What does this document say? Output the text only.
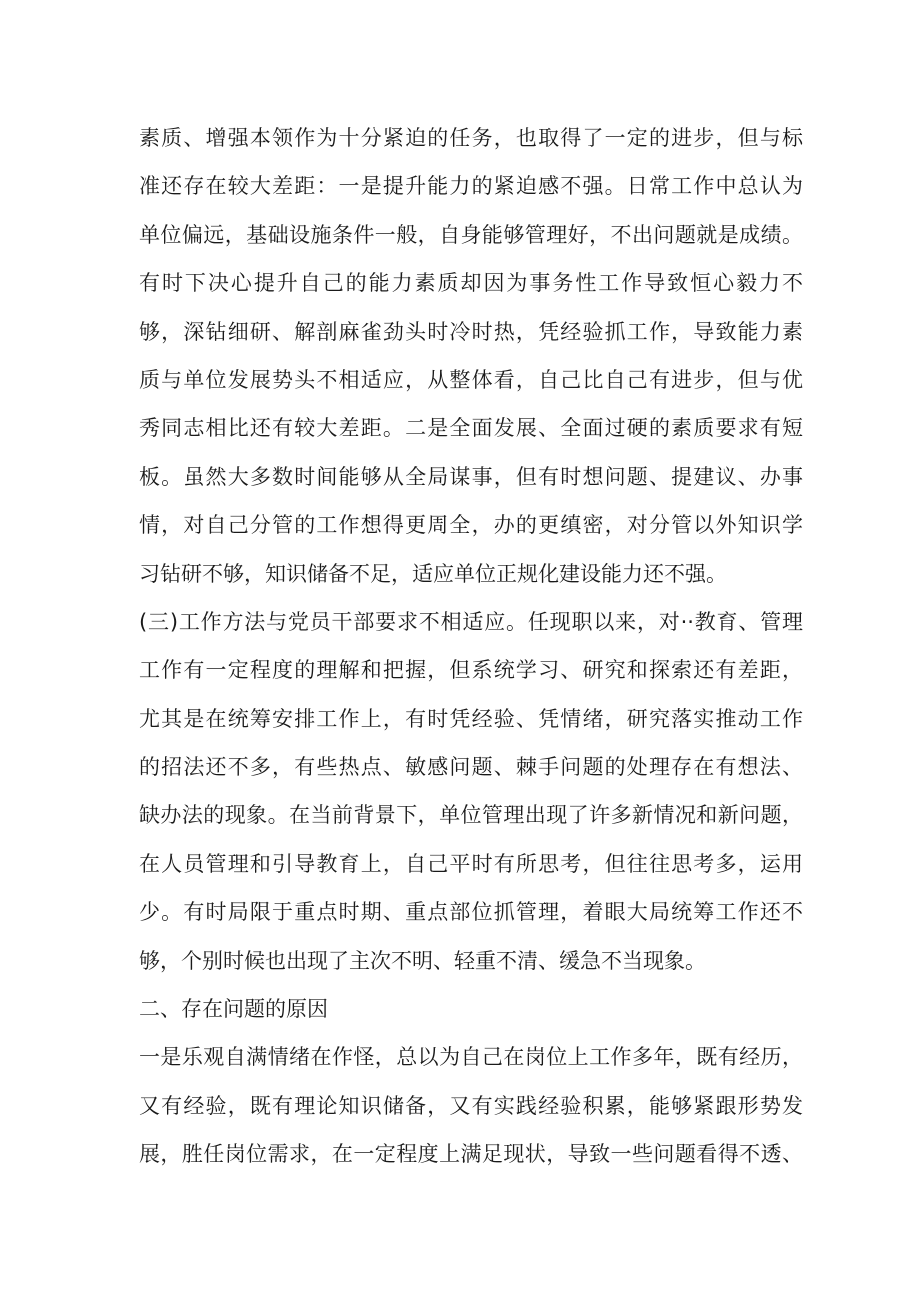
素质、增强本领作为十分紧迫的任务，也取得了一定的进步，但与标
准还存在较大差距：一是提升能力的紧迫感不强。日常工作中总认为
单位偏远，基础设施条件一般，自身能够管理好，不出问题就是成绩。
有时下决心提升自己的能力素质却因为事务性工作导致恒心毅力不
够，深钻细研、解剖麻雀劲头时冷时热，凭经验抓工作，导致能力素
质与单位发展势头不相适应，从整体看，自己比自己有进步，但与优
秀同志相比还有较大差距。二是全面发展、全面过硬的素质要求有短
板。虽然大多数时间能够从全局谋事，但有时想问题、提建议、办事
情，对自己分管的工作想得更周全，办的更缜密，对分管以外知识学
习钻研不够，知识储备不足，适应单位正规化建设能力还不强。
(三)工作方法与党员干部要求不相适应。任现职以来，对··教育、管理
工作有一定程度的理解和把握，但系统学习、研究和探索还有差距，
尤其是在统筹安排工作上，有时凭经验、凭情绪，研究落实推动工作
的招法还不多，有些热点、敏感问题、棘手问题的处理存在有想法、
缺办法的现象。在当前背景下，单位管理出现了许多新情况和新问题，
在人员管理和引导教育上，自己平时有所思考，但往往思考多，运用
少。有时局限于重点时期、重点部位抓管理，着眼大局统筹工作还不
够，个别时候也出现了主次不明、轻重不清、缓急不当现象。
二、存在问题的原因
一是乐观自满情绪在作怪，总以为自己在岗位上工作多年，既有经历，
又有经验，既有理论知识储备，又有实践经验积累，能够紧跟形势发
展，胜任岗位需求，在一定程度上满足现状，导致一些问题看得不透、
